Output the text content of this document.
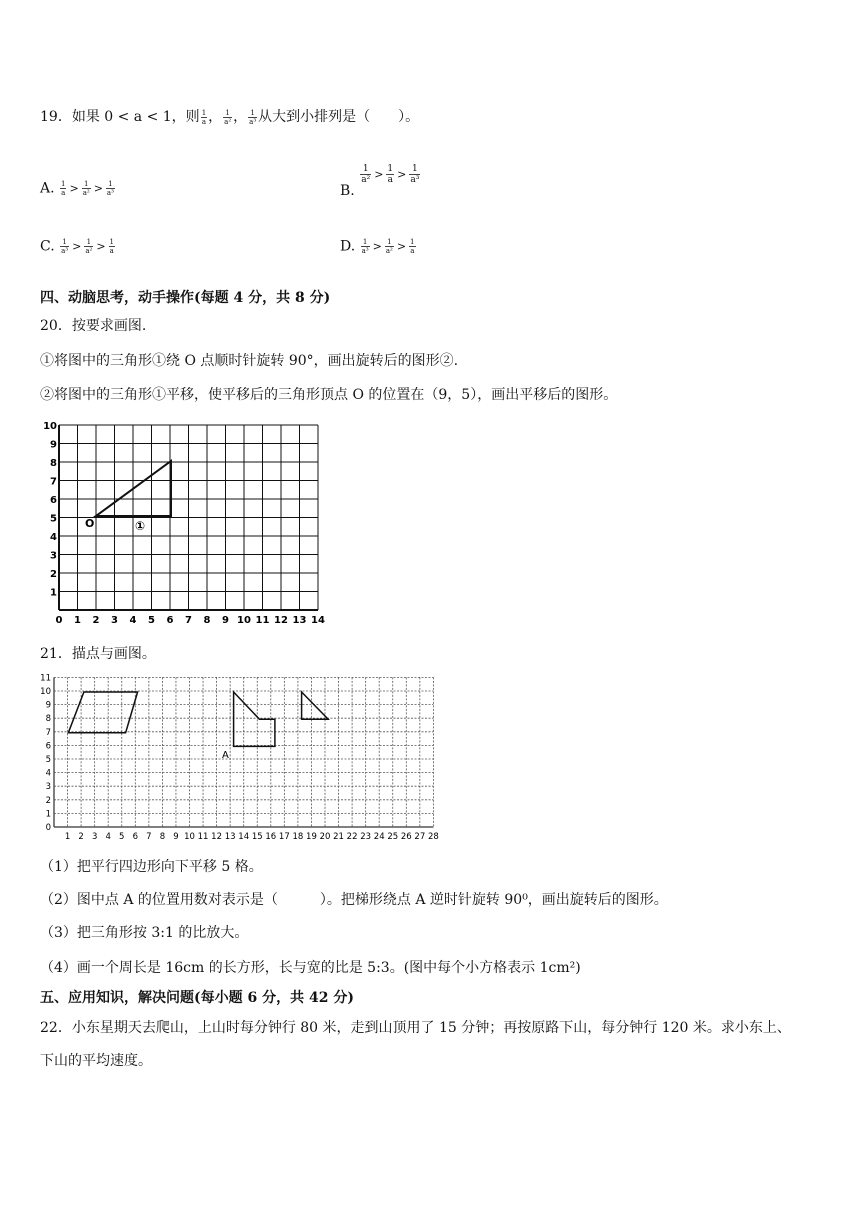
19．如果 0 < a < 1，则 $\frac{1}{a}$ ， $\frac{1}{\text{a²}}$ ， $\frac{1}{\text{a³}}$ 从大到小排列是（　　）。
A. $\frac{1}{a} > \frac{1}{\text{a²}} > \frac{1}{\text{a³}}$	B.
$\frac{1}{\text{a²}} > \frac{1}{a} > \frac{1}{\text{a³}}$
C. $\frac{1}{\text{a³}} > \frac{1}{\text{a²}} > \frac{1}{a}$	D. $\frac{1}{\text{a³}} > \frac{1}{\text{a²}} > \frac{1}{a}$
四、动脑思考，动手操作(每题 4 分，共 8 分)
20．按要求画图.
①将图中的三角形①绕 O 点顺时针旋转 90°，画出旋转后的图形②.
②将图中的三角形①平移，使平移后的三角形顶点 O 的位置在（9，5），画出平移后的图形。
0 1 2 3 4 5 6 7 8 9 10 11 12 13 14
1
2
3
4
5
6
7
8
9
10
O	①
21．描点与画图。
1 2 3 4 5 6 7 8 9 10 11 12 13 14 15 16 17 18 19 20 21 22 23 24 25 26 27 28
0
1
2
3
4
5
6
7
8
9
10
11
A
（1）把平行四边形向下平移 5 格。
（2）图中点 A 的位置用数对表示是（　　　）。把梯形绕点 A 逆时针旋转 90⁰，画出旋转后的图形。
（3）把三角形按 3:1 的比放大。
（4）画一个周长是 16cm 的长方形，长与宽的比是 5:3。(图中每个小方格表示 1cm²)
五、应用知识，解决问题(每小题 6 分，共 42 分)
22．小东星期天去爬山，上山时每分钟行 80 米，走到山顶用了 15 分钟；再按原路下山，每分钟行 120 米。求小东上、
下山的平均速度。
